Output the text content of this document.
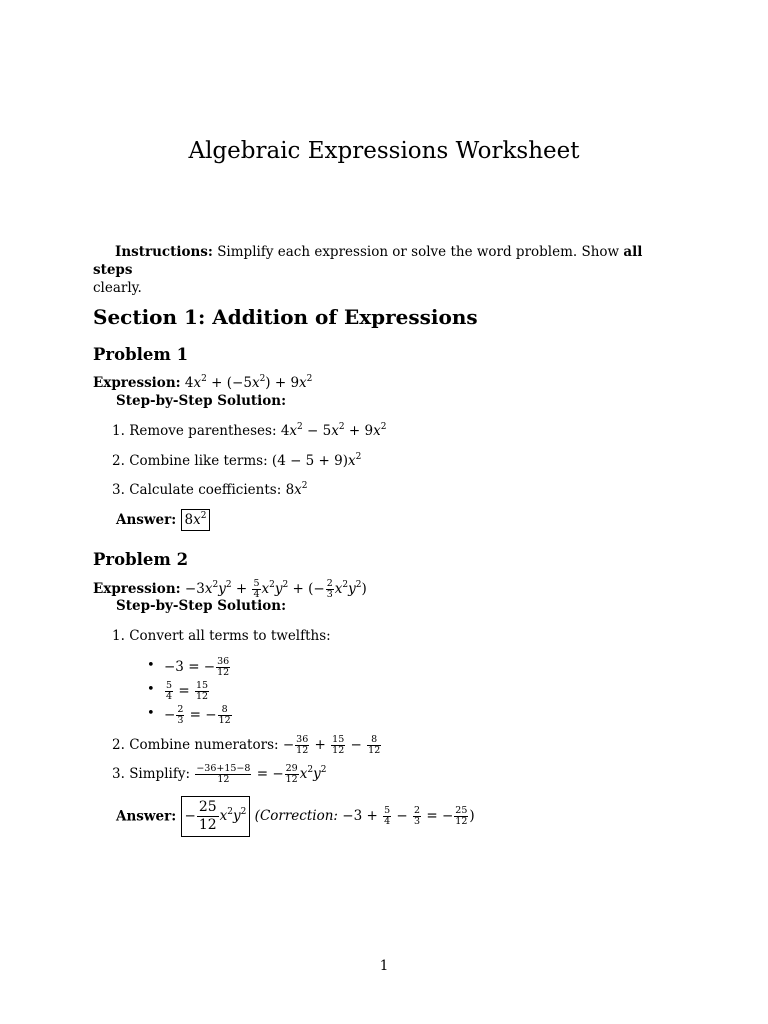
Algebraic Expressions Worksheet
Instructions: Simplify each expression or solve the word problem. Show all steps
clearly.
Section 1: Addition of Expressions
Problem 1
Expression: $4x^2 + (-5x^2) + 9x^2$
Step-by-Step Solution:
1. Remove parentheses: $4x^2 - 5x^2 + 9x^2$
2. Combine like terms: $(4 - 5 + 9)x^2$
3. Calculate coefficients: $8x^2$
Answer: $8x^2$
Problem 2
Expression: $-3x^2y^2 + \frac{5}{4} x^2y^2$ + (− $\frac{2}{3} x^2y^2$)
Step-by-Step Solution:
1. Convert all terms to twelfths:
• −3 = − $\frac{36}{12}$
• $\frac{5}{4} = \frac{15}{12}$
• − $\frac{2}{3}$ = − $\frac{8}{12}$
2. Combine numerators: − $\frac{36}{12} + \frac{15}{12} - \frac{8}{12}$
3. Simplify: $\frac{-36+15-8}{12}$ = − $\frac{29}{12} x^2y^2$
Answer: − $\frac{25}{12} x^2y^2$ (Correction: $-3 + \frac{5}{4} - \frac{2}{3}$ = − $\frac{25}{12}$ )
1
